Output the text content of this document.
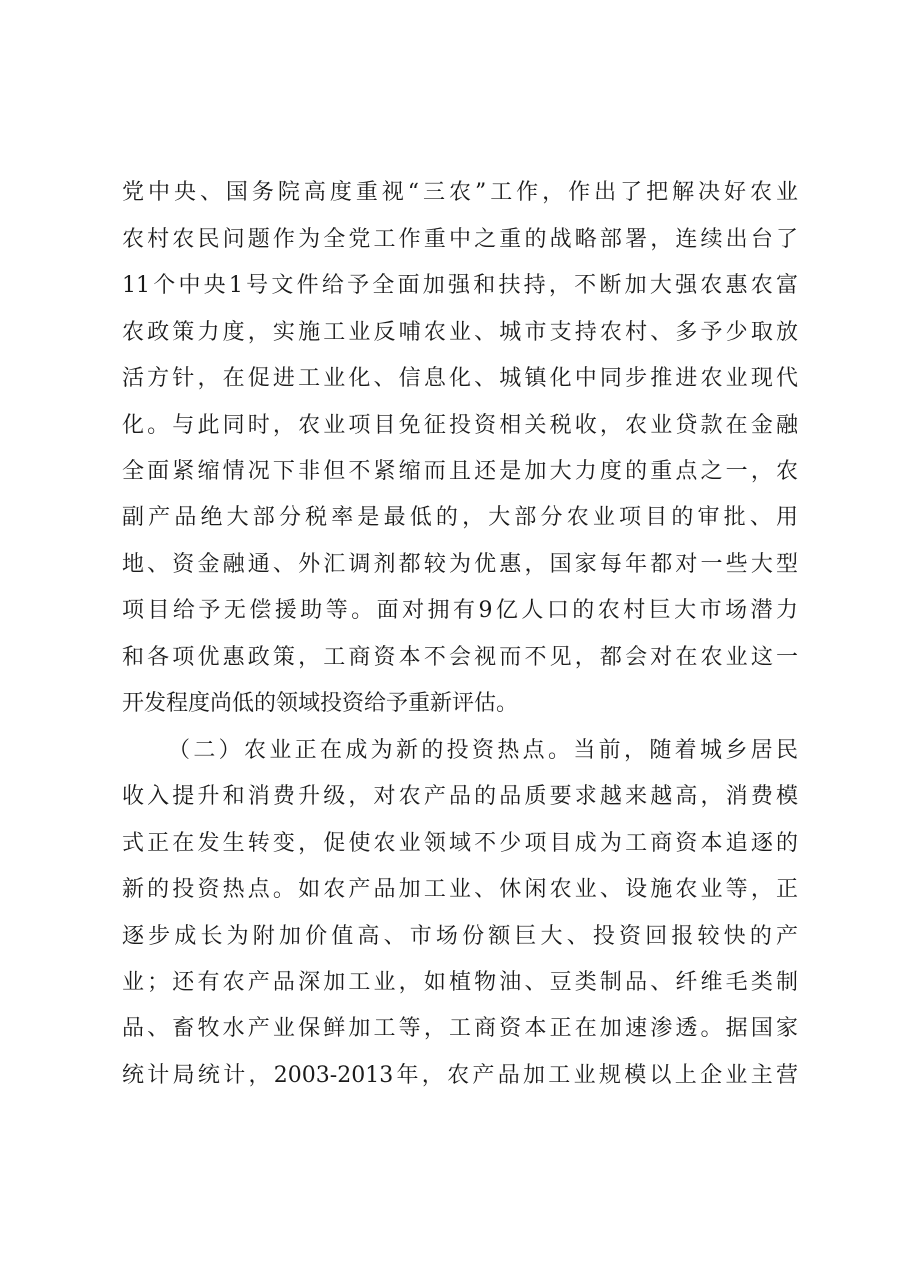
党中央、国务院高度重视“三农”工作，作出了把解决好农业
农村农民问题作为全党工作重中之重的战略部署，连续出台了
11个中央1号文件给予全面加强和扶持，不断加大强农惠农富
农政策力度，实施工业反哺农业、城市支持农村、多予少取放
活方针，在促进工业化、信息化、城镇化中同步推进农业现代
化。与此同时，农业项目免征投资相关税收，农业贷款在金融
全面紧缩情况下非但不紧缩而且还是加大力度的重点之一，农
副产品绝大部分税率是最低的，大部分农业项目的审批、用
地、资金融通、外汇调剂都较为优惠，国家每年都对一些大型
项目给予无偿援助等。面对拥有9亿人口的农村巨大市场潜力
和各项优惠政策，工商资本不会视而不见，都会对在农业这一
开发程度尚低的领域投资给予重新评估。
（二）农业正在成为新的投资热点。当前，随着城乡居民
收入提升和消费升级，对农产品的品质要求越来越高，消费模
式正在发生转变，促使农业领域不少项目成为工商资本追逐的
新的投资热点。如农产品加工业、休闲农业、设施农业等，正
逐步成长为附加价值高、市场份额巨大、投资回报较快的产
业；还有农产品深加工业，如植物油、豆类制品、纤维毛类制
品、畜牧水产业保鲜加工等，工商资本正在加速渗透。据国家
统计局统计，2003-2013年，农产品加工业规模以上企业主营
